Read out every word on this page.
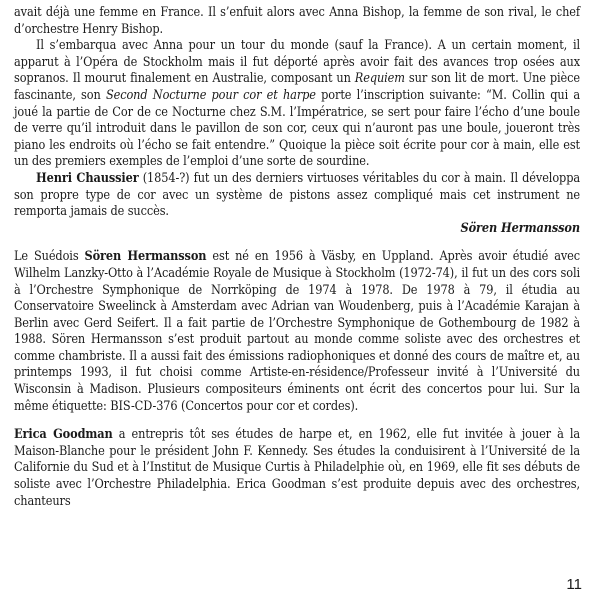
avait déjà une femme en France. Il s’enfuit alors avec Anna Bishop, la femme de son rival, le chef d’orchestre Henry Bishop.

Il s’embarqua avec Anna pour un tour du monde (sauf la France). A un certain moment, il apparut à l’Opéra de Stockholm mais il fut déporté après avoir fait des avances trop osées aux sopranos. Il mourut finalement en Australie, composant un Requiem sur son lit de mort. Une pièce fascinante, son Second Nocturne pour cor et harpe porte l’inscription suivante: “M. Collin qui a joué la partie de Cor de ce Nocturne chez S.M. l’Impératrice, se sert pour faire l’écho d’une boule de verre qu’il introduit dans le pavillon de son cor, ceux qui n’auront pas une boule, joueront très piano les endroits où l’écho se fait entendre.” Quoique la pièce soit écrite pour cor à main, elle est un des premiers exemples de l’emploi d’une sorte de sourdine.

Henri Chaussier (1854-?) fut un des derniers virtuoses véritables du cor à main. Il développa son propre type de cor avec un système de pistons assez compliqué mais cet instrument ne remporta jamais de succès.

Sören Hermansson

Le Suédois Sören Hermansson est né en 1956 à Väsby, en Uppland. Après avoir étudié avec Wilhelm Lanzky-Otto à l’Académie Royale de Musique à Stockholm (1972-74), il fut un des cors soli à l’Orchestre Symphonique de Norrköping de 1974 à 1978. De 1978 à 79, il étudia au Conservatoire Sweelinck à Amsterdam avec Adrian van Woudenberg, puis à l’Académie Karajan à Berlin avec Gerd Seifert. Il a fait partie de l’Orchestre Symphonique de Gothembourg de 1982 à 1988. Sören Hermansson s’est produit partout au monde comme soliste avec des orchestres et comme chambriste. Il a aussi fait des émissions radiophoniques et donné des cours de maître et, au printemps 1993, il fut choisi comme Artiste-en-résidence/Professeur invité à l’Université du Wisconsin à Madison. Plusieurs compositeurs éminents ont écrit des concertos pour lui. Sur la même étiquette: BIS-CD-376 (Concertos pour cor et cordes).

Erica Goodman a entrepris tôt ses études de harpe et, en 1962, elle fut invitée à jouer à la Maison-Blanche pour le président John F. Kennedy. Ses études la conduisirent à l’Université de la Californie du Sud et à l’Institut de Musique Curtis à Philadelphie où, en 1969, elle fit ses débuts de soliste avec l’Orchestre Philadelphia. Erica Goodman s’est produite depuis avec des orchestres, chanteurs

11
